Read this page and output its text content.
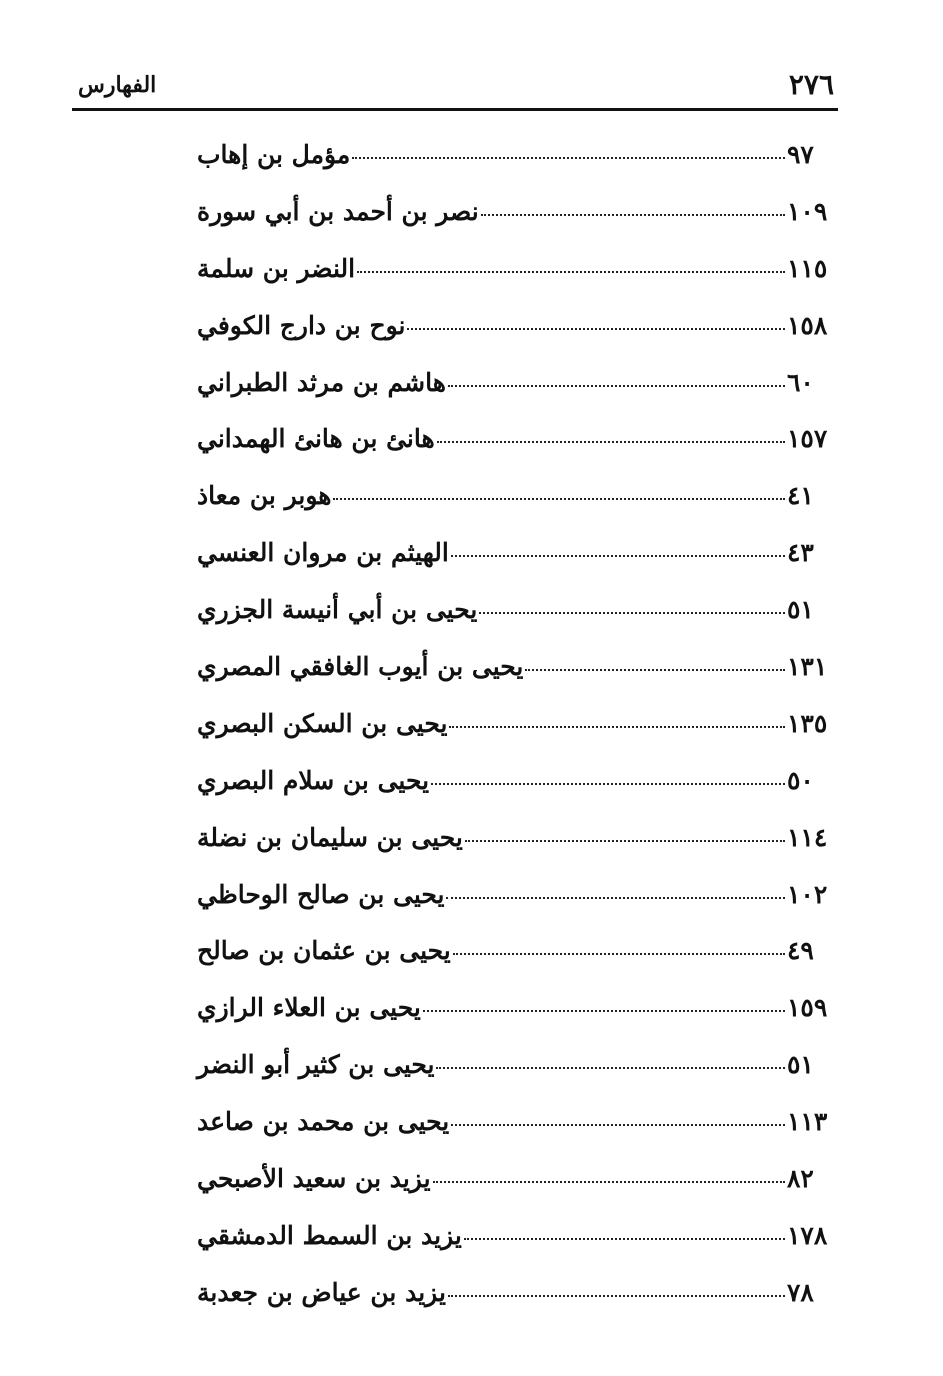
٢٧٦
الفهارس
مؤمل بن إهاب	٩٧
نصر بن أحمد بن أبي سورة	١٠٩
النضر بن سلمة	١١٥
نوح بن دارج الكوفي	١٥٨
هاشم بن مرثد الطبراني	٦٠
هانئ بن هانئ الهمداني	١٥٧
هوبر بن معاذ	٤١
الهيثم بن مروان العنسي	٤٣
يحيى بن أبي أنيسة الجزري	٥١
يحيى بن أيوب الغافقي المصري	١٣١
يحيى بن السكن البصري	١٣٥
يحيى بن سلام البصري	٥٠
يحيى بن سليمان بن نضلة	١١٤
يحيى بن صالح الوحاظي	١٠٢
يحيى بن عثمان بن صالح	٤٩
يحيى بن العلاء الرازي	١٥٩
يحيى بن كثير أبو النضر	٥١
يحيى بن محمد بن صاعد	١١٣
يزيد بن سعيد الأصبحي	٨٢
يزيد بن السمط الدمشقي	١٧٨
يزيد بن عياض بن جعدبة	٧٨
